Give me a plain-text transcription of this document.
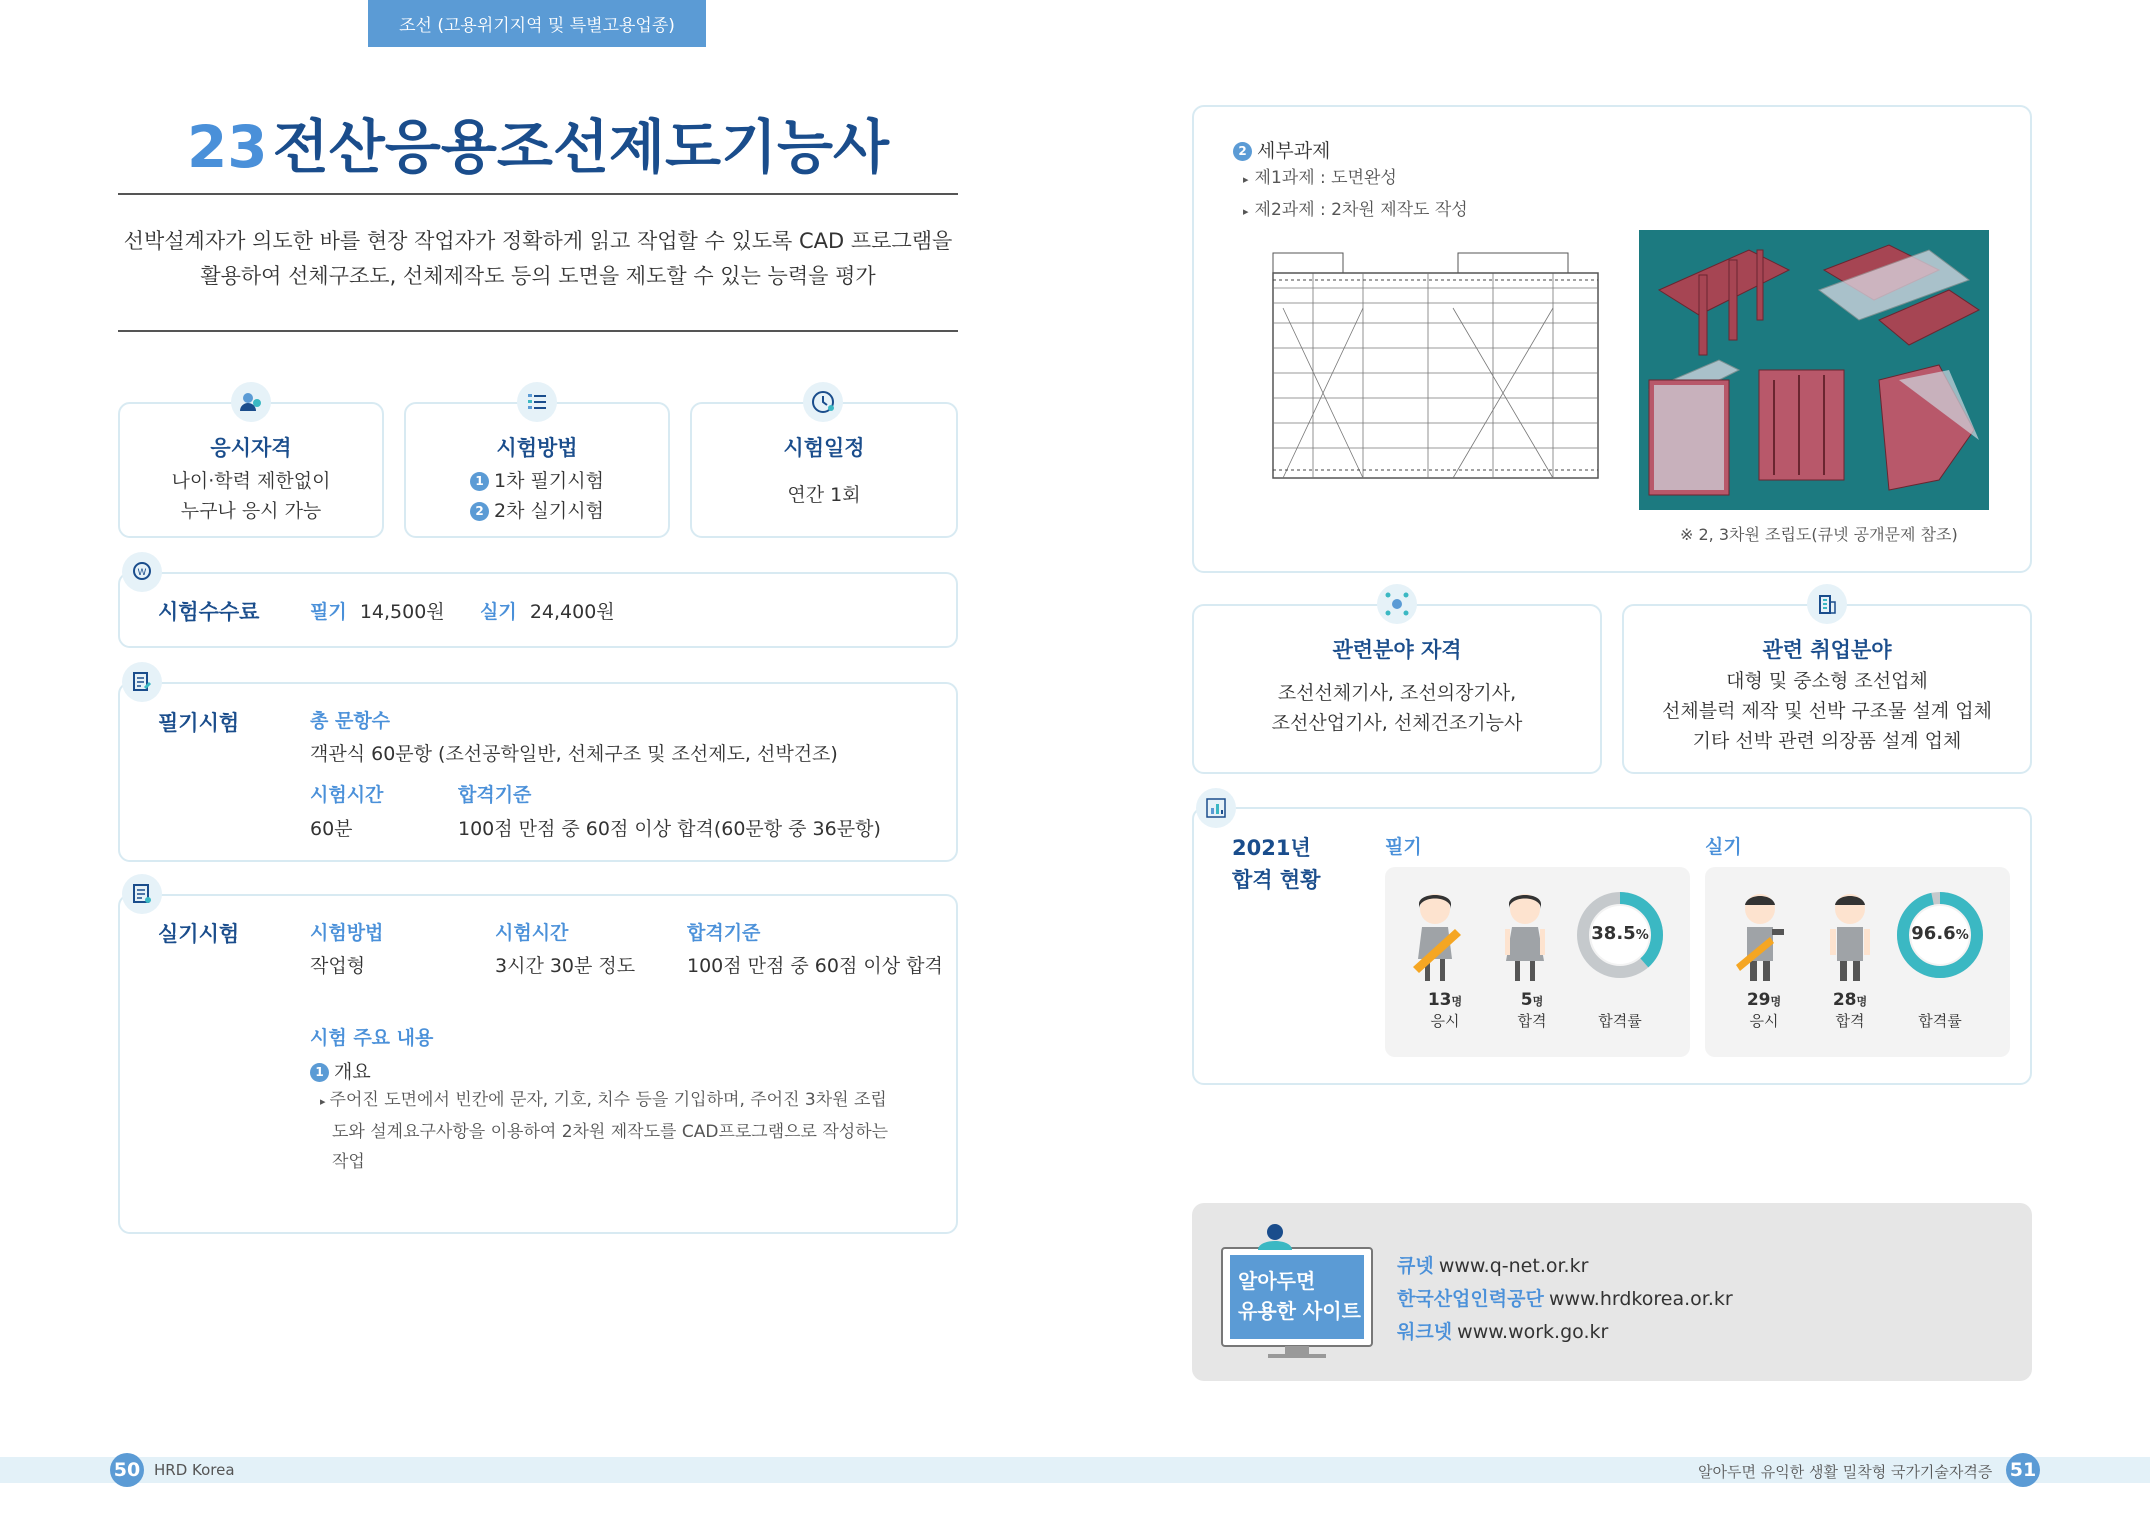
조선 (고용위기지역 및 특별고용업종)
23 전산응용조선제도기능사
선박설계자가 의도한 바를 현장 작업자가 정확하게 읽고 작업할 수 있도록 CAD 프로그램을
활용하여 선체구조도, 선체제작도 등의 도면을 제도할 수 있는 능력을 평가
응시자격
나이·학력 제한없이
누구나 응시 가능
시험방법
1 1차 필기시험
2 2차 실기시험
시험일정
연간 1회
W
시험수수료	필기 14,500원 실기 24,400원
필기시험	총 문항수
객관식 60문항 (조선공학일반, 선체구조 및 조선제도, 선박건조)
시험시간
60분
합격기준
100점 만점 중 60점 이상 합격(60문항 중 36문항)
실기시험	시험방법
작업형
시험시간
3시간 30분 정도
합격기준
100점 만점 중 60점 이상 합격
시험 주요 내용
1 개요
▸ 주어진 도면에서 빈칸에 문자, 기호, 치수 등을 기입하며, 주어진 3차원 조립
도와 설계요구사항을 이용하여 2차원 제작도를 CAD프로그램으로 작성하는
작업
2 세부과제
▸ 제1과제 : 도면완성
▸ 제2과제 : 2차원 제작도 작성
※ 2, 3차원 조립도(큐넷 공개문제 참조)
관련분야 자격
조선선체기사, 조선의장기사,
조선산업기사, 선체건조기능사
관련 취업분야
대형 및 중소형 조선업체
선체블럭 제작 및 선박 구조물 설계 업체
기타 선박 관련 의장품 설계 업체
2021년
합격 현황
필기	실기
38.5%
13명
응시
5명
합격	합격률
96.6%
29명
응시
28명
합격	합격률
알아두면
유용한 사이트
큐넷 www.q-net.or.kr
한국산업인력공단 www.hrdkorea.or.kr
워크넷 www.work.go.kr
50 HRD Korea	알아두면 유익한 생활 밀착형 국가기술자격증 51
